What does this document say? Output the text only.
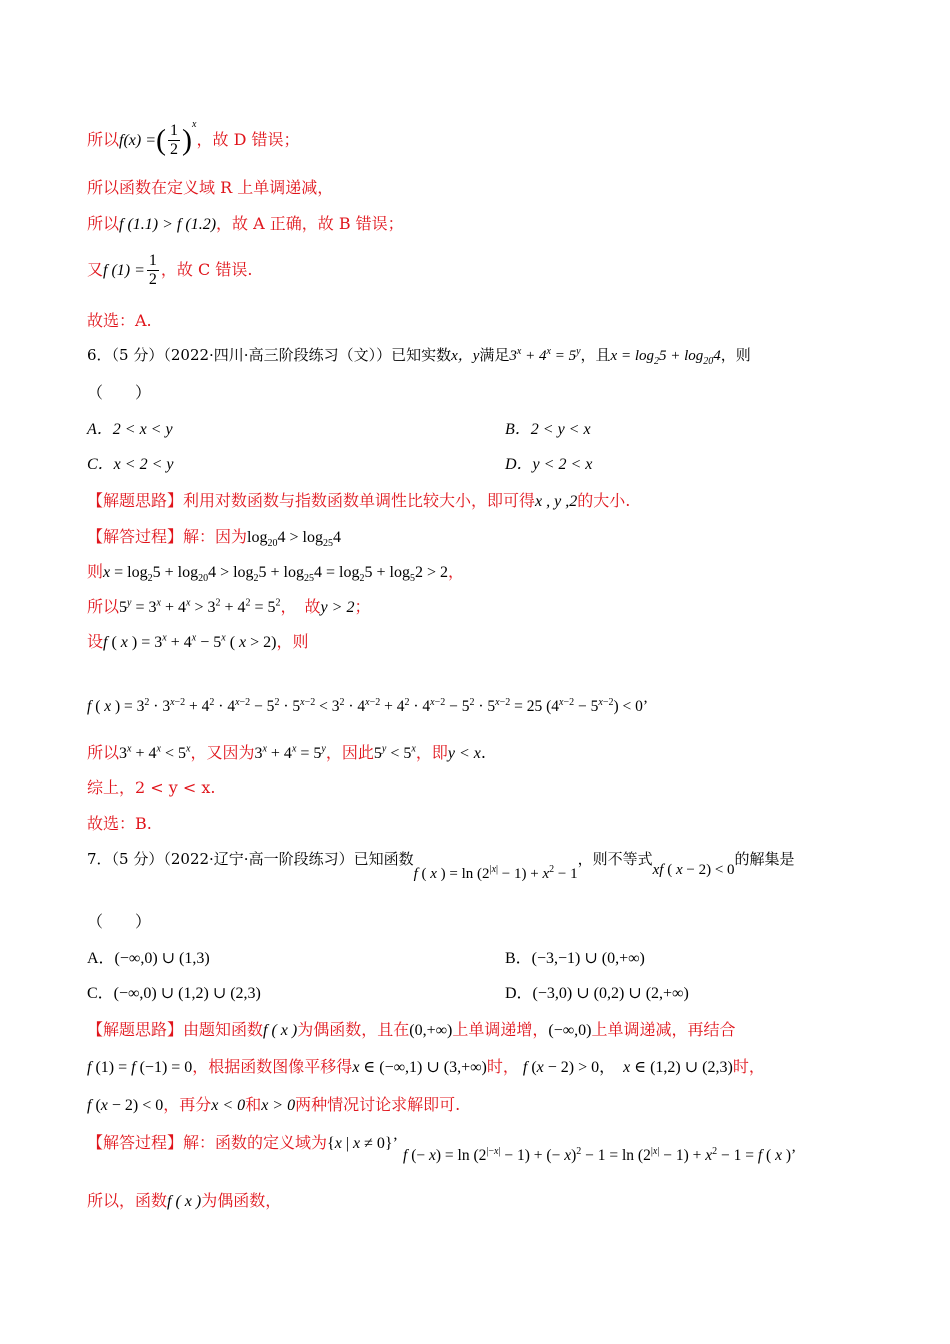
所以f(x) =( $\frac{1}{2} )^x$，故 D 错误；
所以函数在定义域 R 上单调递减，
所以f (1.1) > f (1.2)，故 A 正确，故 B 错误；
又f $(1) = \frac{1}{2}$ ，故 C 错误.
故选：A.
6．（5 分）（2022·四川·高三阶段练习（文））已知实数x，y满足$3^x + 4^x = 5^y$，且$x = \log_25 + \log_{20}4$，则
（　　）
A．2 < x < y	B．2 < y < x
C．x < 2 < y	D．y < 2 < x
【解题思路】利用对数函数与指数函数单调性比较大小，即可得x , y ,2的大小.
【解答过程】解：因为$\log_{20}4 > \log_{25}4$
则$x = \log_25 + \log_{20}4 > \log_25 + \log_{25}4 = \log_25 + \log_52 > 2$，
所以$5^y = 3^x + 4^x > 3^2 + 4^2 = 5^2$，　故y > 2；
设f ( x ) = $3^x + 4^x - 5^x$ ( x > 2)，则
f ( x ) = $3^2 \cdot 3^{x-2} + 4^2 \cdot 4^{x-2} - 5^2 \cdot 5^{x-2} < 3^2 \cdot 4^{x-2} + 4^2 \cdot 4^{x-2} - 5^2 \cdot 5^{x-2} = 25$ $(4^{x-2} - 5^{x-2}) < 0$’
所以$3^x + 4^x < 5^x$，又因为$3^x + 4^x = 5^y$，因此$5^y < 5^x$，即y < x.
综上，2 < y < x.
故选：B.
7．（5 分）（2022·辽宁·高一阶段练习）已知函数f ( x ) = $\ln (2^{|x|} - 1) + x^2 - 1$，则不等式xf ( x − 2) < 0的解集是
（　　）
A．(−∞,0) ∪ (1,3)	B．(−3,−1) ∪ (0,+∞)
C．(−∞,0) ∪ (1,2) ∪ (2,3)	D．(−3,0) ∪ (0,2) ∪ (2,+∞)
【解题思路】由题知函数f ( x )为偶函数，且在(0,+∞)上单调递增，(−∞,0)上单调递减，再结合
f (1) = f (−1) = 0，根据函数图像平移得x ∈ (−∞,1) ∪ (3,+∞)时， f (x − 2) > 0，  x ∈ (1,2) ∪ (2,3)时，
f (x − 2) < 0，再分x < 0和x > 0两种情况讨论求解即可.
【解答过程】解：函数的定义域为{x | x ≠ 0}’ f (− $x) = \ln (2^{|-x|} - 1)$ + (− $x)^2 - 1 = \ln (2^{|x|} - 1) + x^2 - 1 = f$ ( x )’
所以，函数f ( x )为偶函数，
